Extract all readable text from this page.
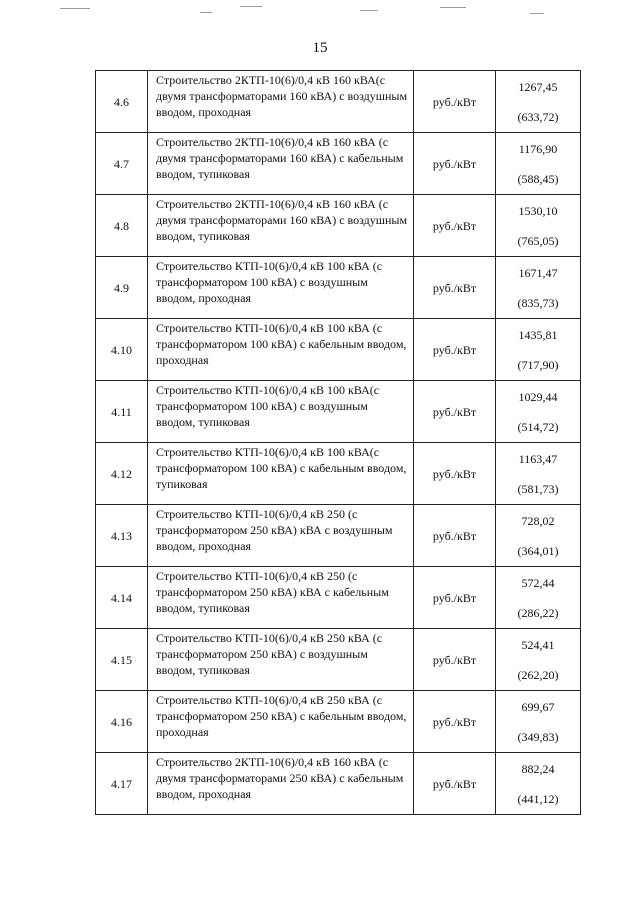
15
4.6	Строительство 2КТП-10(6)/0,4 кВ 160 кВА(с двумя трансформаторами 160 кВА) с воздушным вводом, проходная	руб./кВт	1267,45
(633,72)

4.7	Строительство 2КТП-10(6)/0,4 кВ 160 кВА (с двумя трансформаторами 160 кВА) с кабельным вводом, тупиковая	руб./кВт	1176,90
(588,45)

4.8	Строительство 2КТП-10(6)/0,4 кВ 160 кВА (с двумя трансформаторами 160 кВА) с воздушным вводом, тупиковая	руб./кВт	1530,10
(765,05)

4.9	Строительство КТП-10(6)/0,4 кВ 100 кВА (с трансформатором 100 кВА) с воздушным вводом, проходная	руб./кВт	1671,47
(835,73)

4.10	Строительство КТП-10(6)/0,4 кВ 100 кВА (с трансформатором 100 кВА) с кабельным вводом, проходная	руб./кВт	1435,81
(717,90)

4.11	Строительство КТП-10(6)/0,4 кВ 100 кВА(с трансформатором 100 кВА) с воздушным вводом, тупиковая	руб./кВт	1029,44
(514,72)

4.12	Строительство КТП-10(6)/0,4 кВ 100 кВА(с трансформатором 100 кВА) с кабельным вводом, тупиковая	руб./кВт	1163,47
(581,73)

4.13	Строительство КТП-10(6)/0,4 кВ 250 (с трансформатором 250 кВА) кВА с воздушным вводом, проходная	руб./кВт	728,02
(364,01)

4.14	Строительство КТП-10(6)/0,4 кВ 250 (с трансформатором 250 кВА) кВА с кабельным вводом, тупиковая	руб./кВт	572,44
(286,22)

4.15	Строительство КТП-10(6)/0,4 кВ 250 кВА (с трансформатором 250 кВА) с воздушным вводом, тупиковая	руб./кВт	524,41
(262,20)

4.16	Строительство КТП-10(6)/0,4 кВ 250 кВА (с трансформатором 250 кВА) с кабельным вводом, проходная	руб./кВт	699,67
(349,83)

4.17	Строительство 2КТП-10(6)/0,4 кВ 160 кВА (с двумя трансформаторами 250 кВА) с кабельным вводом, проходная	руб./кВт	882,24
(441,12)
